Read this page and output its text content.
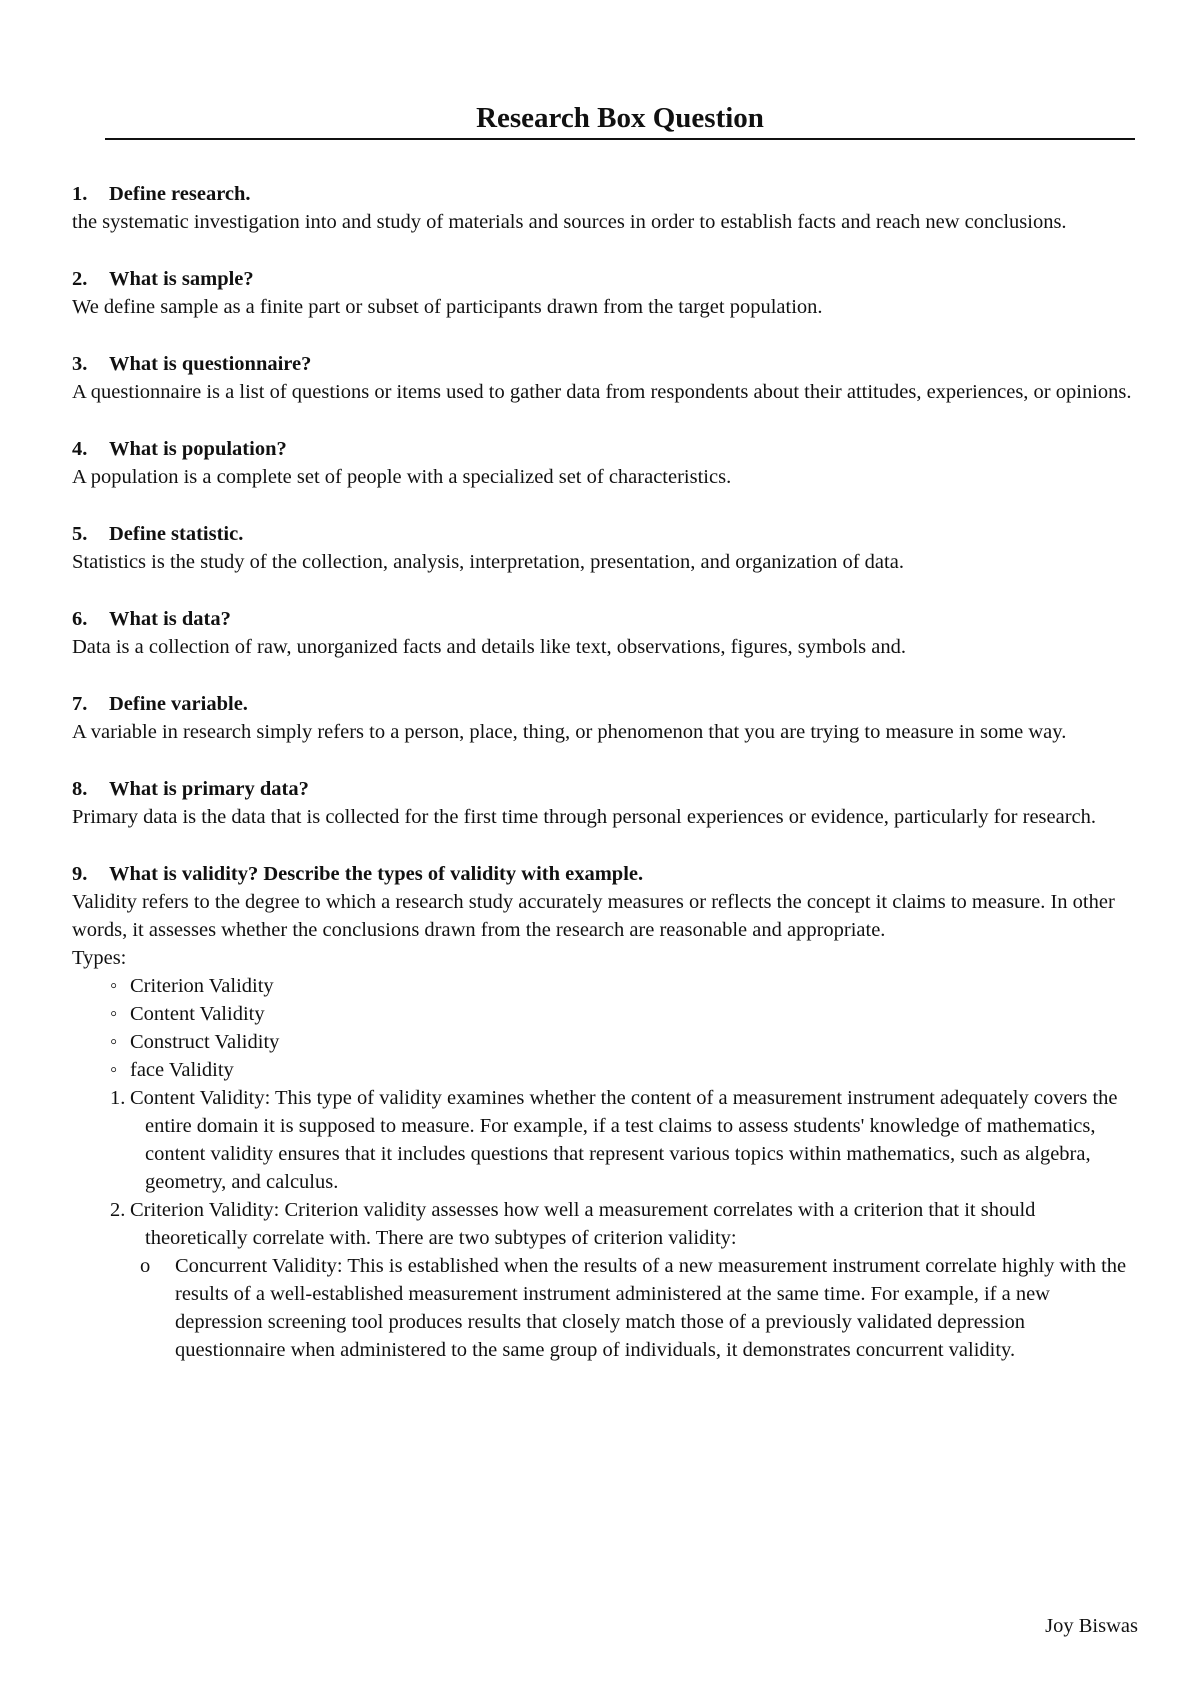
Research Box Question

1. Define research.

the systematic investigation into and study of materials and sources in order to establish facts and reach new conclusions.

2. What is sample?

We define sample as a finite part or subset of participants drawn from the target population.

3. What is questionnaire?

A questionnaire is a list of questions or items used to gather data from respondents about their attitudes, experiences, or opinions.

4. What is population?

A population is a complete set of people with a specialized set of characteristics.

5. Define statistic.

Statistics is the study of the collection, analysis, interpretation, presentation, and organization of data.

6. What is data?

Data is a collection of raw, unorganized facts and details like text, observations, figures, symbols and.

7. Define variable.

A variable in research simply refers to a person, place, thing, or phenomenon that you are trying to measure in some way.

8. What is primary data?

Primary data is the data that is collected for the first time through personal experiences or evidence, particularly for research.

9. What is validity? Describe the types of validity with example.

Validity refers to the degree to which a research study accurately measures or reflects the concept it claims to measure. In other words, it assesses whether the conclusions drawn from the research are reasonable and appropriate.

Types:

◦ Criterion Validity
◦ Content Validity
◦ Construct Validity
◦ face Validity
1. Content Validity: This type of validity examines whether the content of a measurement instrument adequately covers the entire domain it is supposed to measure. For example, if a test claims to assess students' knowledge of mathematics, content validity ensures that it includes questions that represent various topics within mathematics, such as algebra, geometry, and calculus.
2. Criterion Validity: Criterion validity assesses how well a measurement correlates with a criterion that it should theoretically correlate with. There are two subtypes of criterion validity:
o Concurrent Validity: This is established when the results of a new measurement instrument correlate highly with the results of a well-established measurement instrument administered at the same time. For example, if a new depression screening tool produces results that closely match those of a previously validated depression questionnaire when administered to the same group of individuals, it demonstrates concurrent validity.
Joy Biswas
